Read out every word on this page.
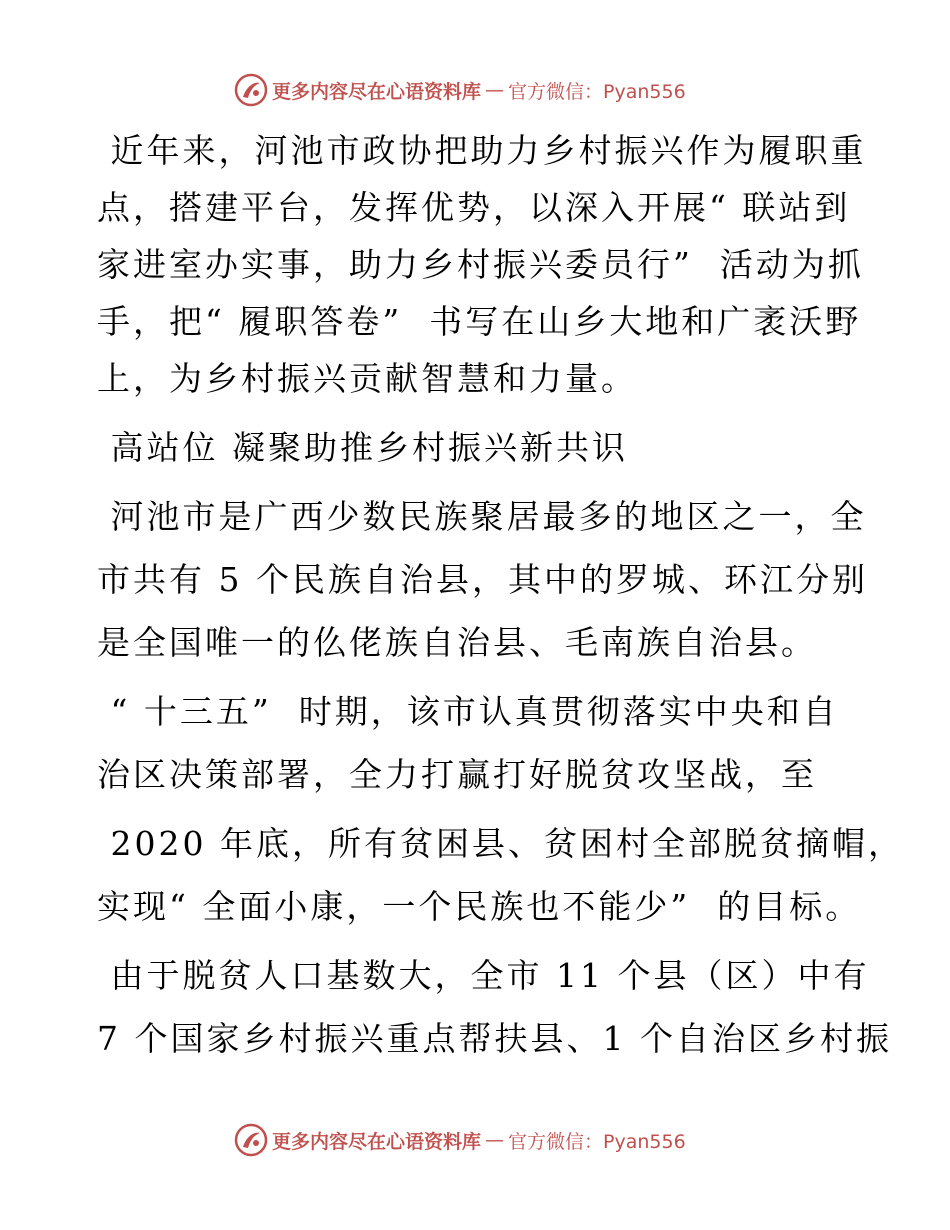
更多内容尽在心语资料库 — 官方微信：Pyan556
近年来，河池市政协把助力乡村振兴作为履职重
点，搭建平台，发挥优势，以深入开展“ 联站到
家进室办实事，助力乡村振兴委员行”  活动为抓
手，把“ 履职答卷”  书写在山乡大地和广袤沃野
上，为乡村振兴贡献智慧和力量。
高站位 凝聚助推乡村振兴新共识
河池市是广西少数民族聚居最多的地区之一，全
市共有 5 个民族自治县，其中的罗城、环江分别
是全国唯一的仫佬族自治县、毛南族自治县。
“ 十三五”  时期，该市认真贯彻落实中央和自
治区决策部署，全力打赢打好脱贫攻坚战，至
2020 年底，所有贫困县、贫困村全部脱贫摘帽，
实现“ 全面小康，一个民族也不能少”  的目标。
由于脱贫人口基数大，全市 11 个县（区）中有
7 个国家乡村振兴重点帮扶县、1 个自治区乡村振
更多内容尽在心语资料库 — 官方微信：Pyan556
